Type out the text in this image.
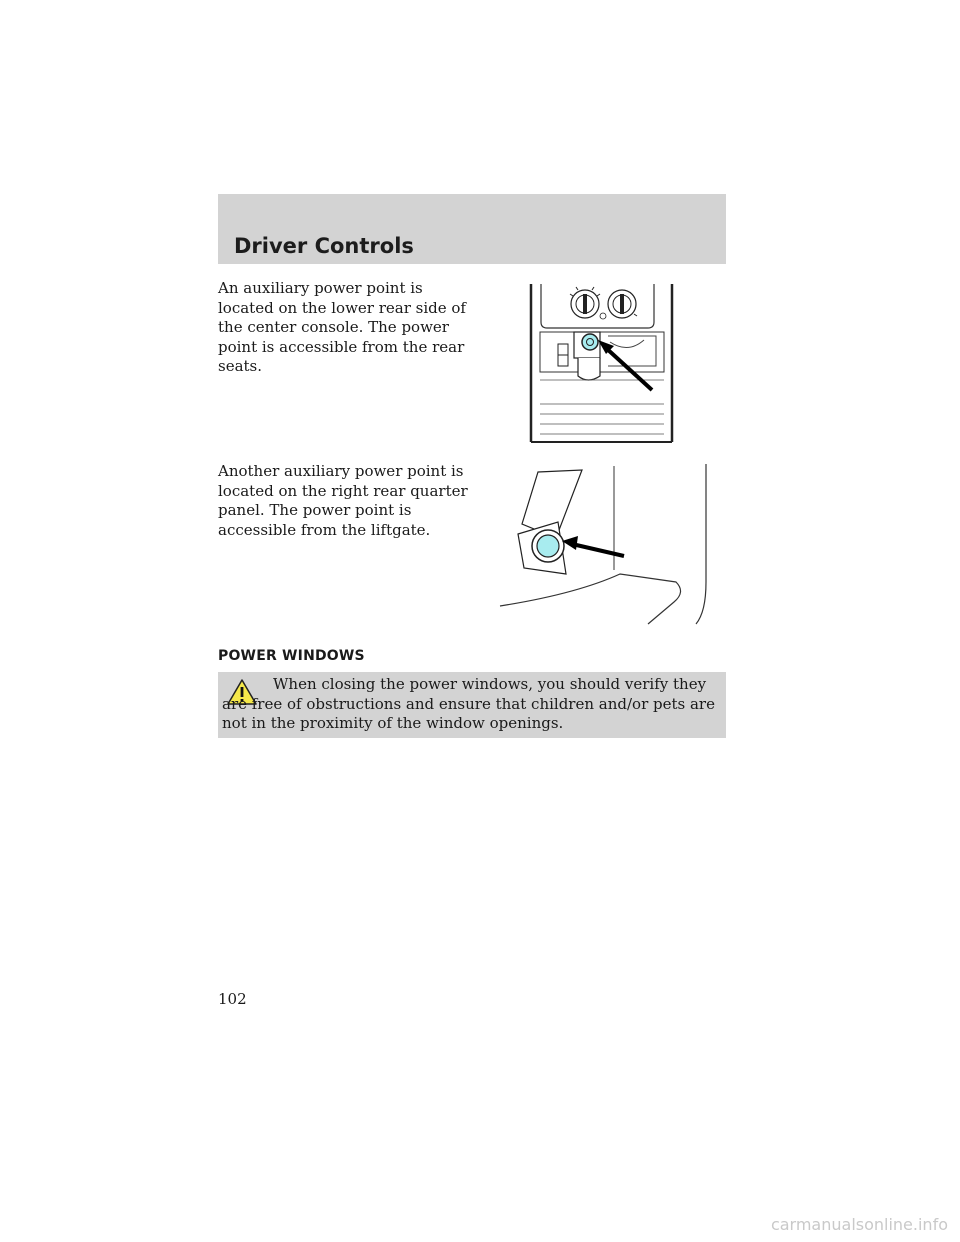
Driver Controls

An auxiliary power point is located on the lower rear side of the center console. The power point is accessible from the rear seats.

Another auxiliary power point is located on the right rear quarter panel. The power point is accessible from the liftgate.

POWER WINDOWS

When closing the power windows, you should verify they are free of obstructions and ensure that children and/or pets are not in the proximity of the window openings.

102

carmanualsonline.info
